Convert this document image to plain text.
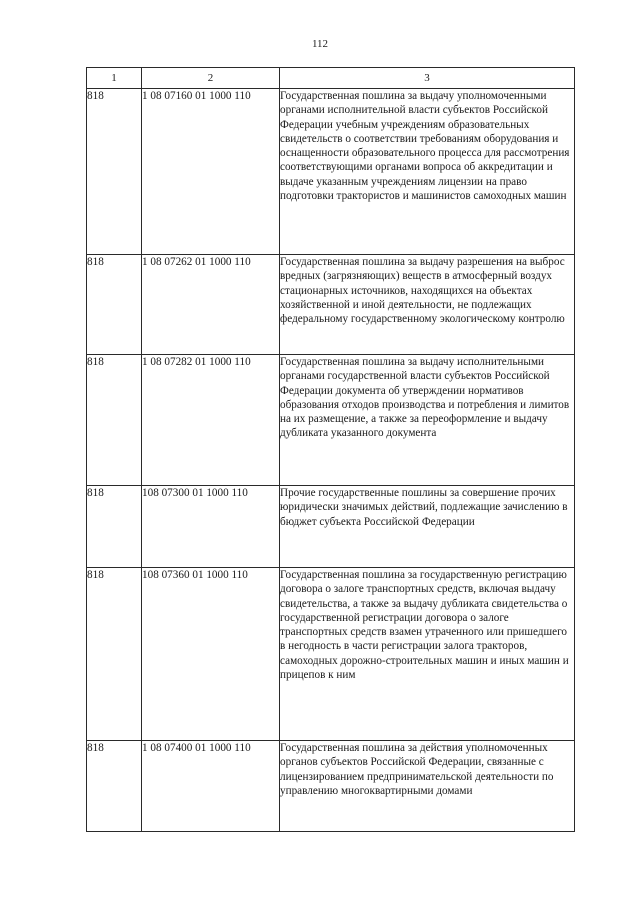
112
1	2	3
818	1 08 07160 01 1000 110	Государственная пошлина за выдачу уполномоченными органами исполнительной власти субъектов Российской Федерации учебным учреждениям образовательных свидетельств о соответствии требованиям оборудования и оснащенности образовательного процесса для рассмотрения соответствующими органами вопроса об аккредитации и выдаче указанным учреждениям лицензии на право подготовки трактористов и машинистов самоходных машин

818	1 08 07262 01 1000 110	Государственная пошлина за выдачу разрешения на выброс вредных (загрязняющих) веществ в атмосферный воздух стационарных источников, находящихся на объектах хозяйственной и иной деятельности, не подлежащих федеральному государственному экологическому контролю

818	1 08 07282 01 1000 110	Государственная пошлина за выдачу исполнительными органами государственной власти субъектов Российской Федерации документа об утверждении нормативов образования отходов производства и потребления и лимитов на их размещение, а также за переоформление и выдачу дубликата указанного документа

818	108 07300 01 1000 110	Прочие государственные пошлины за совершение прочих юридически значимых действий, подлежащие зачислению в бюджет субъекта Российской Федерации

818	108 07360 01 1000 110	Государственная пошлина за государственную регистрацию договора о залоге транспортных средств, включая выдачу свидетельства, а также за выдачу дубликата свидетельства о государственной регистрации договора о залоге транспортных средств взамен утраченного или пришедшего в негодность в части регистрации залога тракторов, самоходных дорожно-строительных машин и иных машин и прицепов к ним

818	1 08 07400 01 1000 110	Государственная пошлина за действия уполномоченных органов субъектов Российской Федерации, связанные с лицензированием предпринимательской деятельности по управлению многоквартирными домами
